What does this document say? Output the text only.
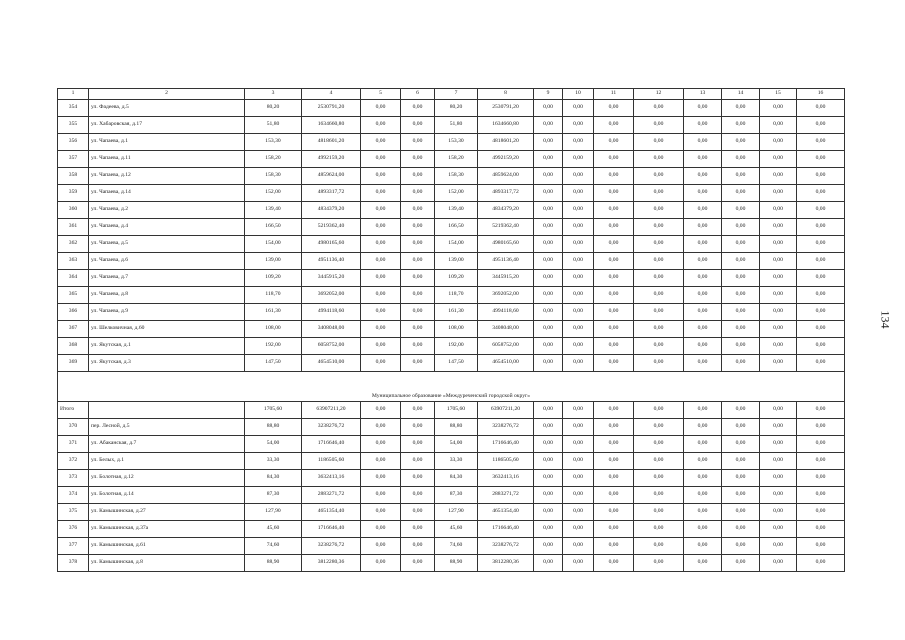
1	2	3	4	5	6	7	8	9	10	11	12	13	14	15	16
354	ул. Фадеева, д.5	80,20	2530791,20	0,00	0,00	80,20	2530791,20	0,00	0,00	0,00	0,00	0,00	0,00	0,00	0,00
355	ул. Хабаровская, д.17	51,80	1634660,80	0,00	0,00	51,80	1634660,80	0,00	0,00	0,00	0,00	0,00	0,00	0,00	0,00
356	ул. Чапаева, д.1	153,30	4818601,20	0,00	0,00	153,30	4818601,20	0,00	0,00	0,00	0,00	0,00	0,00	0,00	0,00
357	ул. Чапаева, д.11	158,20	4992159,20	0,00	0,00	158,20	4992159,20	0,00	0,00	0,00	0,00	0,00	0,00	0,00	0,00
358	ул. Чапаева, д.12	158,30	4859624,00	0,00	0,00	158,30	4859624,00	0,00	0,00	0,00	0,00	0,00	0,00	0,00	0,00
359	ул. Чапаева, д.14	152,00	4893317,72	0,00	0,00	152,00	4893317,72	0,00	0,00	0,00	0,00	0,00	0,00	0,00	0,00
360	ул. Чапаева, д.2	139,40	4834379,20	0,00	0,00	139,40	4834379,20	0,00	0,00	0,00	0,00	0,00	0,00	0,00	0,00
361	ул. Чапаева, д.4	166,50	5219362,40	0,00	0,00	166,50	5219362,40	0,00	0,00	0,00	0,00	0,00	0,00	0,00	0,00
362	ул. Чапаева, д.5	154,00	4980165,60	0,00	0,00	154,00	4980165,60	0,00	0,00	0,00	0,00	0,00	0,00	0,00	0,00
363	ул. Чапаева, д.6	139,00	4951136,40	0,00	0,00	139,00	4951136,40	0,00	0,00	0,00	0,00	0,00	0,00	0,00	0,00
364	ул. Чапаева, д.7	109,20	3445915,20	0,00	0,00	109,20	3445915,20	0,00	0,00	0,00	0,00	0,00	0,00	0,00	0,00
365	ул. Чапаева, д.8	118,70	3692052,00	0,00	0,00	118,70	3692052,00	0,00	0,00	0,00	0,00	0,00	0,00	0,00	0,00
366	ул. Чапаева, д.9	161,30	4994118,60	0,00	0,00	161,30	4994118,60	0,00	0,00	0,00	0,00	0,00	0,00	0,00	0,00
367	ул. Шелковичная, д.60	108,00	3408048,00	0,00	0,00	108,00	3408048,00	0,00	0,00	0,00	0,00	0,00	0,00	0,00	0,00
368	ул. Якутская, д.1	192,00	6058752,00	0,00	0,00	192,00	6058752,00	0,00	0,00	0,00	0,00	0,00	0,00	0,00	0,00
369	ул. Якутская, д.3	147,50	4654510,00	0,00	0,00	147,50	4654510,00	0,00	0,00	0,00	0,00	0,00	0,00	0,00	0,00
Муниципальное образование «Междуреченский городской округ»															
Итого		1705,60	63907211,20	0,00	0,00	1705,60	63907211,20	0,00	0,00	0,00	0,00	0,00	0,00	0,00	0,00
370	пер. Лесной, д.5	88,80	3238276,72	0,00	0,00	88,80	3238276,72	0,00	0,00	0,00	0,00	0,00	0,00	0,00	0,00
371	ул. Абаканская, д.7	54,00	1716646,40	0,00	0,00	54,00	1716646,40	0,00	0,00	0,00	0,00	0,00	0,00	0,00	0,00
372	ул. Белых, д.1	33,30	1186505,60	0,00	0,00	33,30	1186505,60	0,00	0,00	0,00	0,00	0,00	0,00	0,00	0,00
373	ул. Болотная, д.12	84,30	3632413,16	0,00	0,00	84,30	3632413,16	0,00	0,00	0,00	0,00	0,00	0,00	0,00	0,00
374	ул. Болотная, д.14	87,30	2883271,72	0,00	0,00	87,30	2883271,72	0,00	0,00	0,00	0,00	0,00	0,00	0,00	0,00
375	ул. Камышинская, д.27	127,90	4651354,40	0,00	0,00	127,90	4651354,40	0,00	0,00	0,00	0,00	0,00	0,00	0,00	0,00
376	ул. Камышинская, д.37а	45,60	1716646,40	0,00	0,00	45,60	1716646,40	0,00	0,00	0,00	0,00	0,00	0,00	0,00	0,00
377	ул. Камышинская, д.61	74,60	3238276,72	0,00	0,00	74,60	3238276,72	0,00	0,00	0,00	0,00	0,00	0,00	0,00	0,00
378	ул. Камышинская, д.8	88,90	3812280,36	0,00	0,00	88,90	3812280,36	0,00	0,00	0,00	0,00	0,00	0,00	0,00	0,00
134
